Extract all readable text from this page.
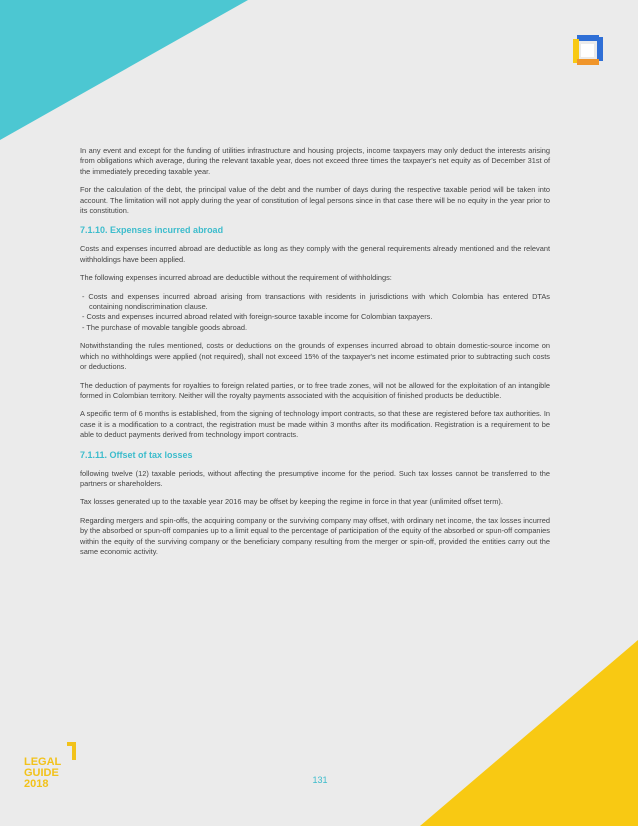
In any event and except for the funding of utilities infrastructure and housing projects, income taxpayers may only deduct the interests arising from obligations which average, during the relevant taxable year, does not exceed three times the taxpayer's net equity as of December 31st of the immediately preceding taxable year.

For the calculation of the debt, the principal value of the debt and the number of days during the respective taxable period will be taken into account. The limitation will not apply during the year of constitution of legal persons since in that case there will be no equity in the year prior to its constitution.

7.1.10. Expenses incurred abroad

Costs and expenses incurred abroad are deductible as long as they comply with the general requirements already mentioned and the relevant withholdings have been applied.

The following expenses incurred abroad are deductible without the requirement of withholdings:

- Costs and expenses incurred abroad arising from transactions with residents in jurisdictions with which Colombia has entered DTAs containing nondiscrimination clause.
- Costs and expenses incurred abroad related with foreign-source taxable income for Colombian taxpayers.
- The purchase of movable tangible goods abroad.

Notwithstanding the rules mentioned, costs or deductions on the grounds of expenses incurred abroad to obtain domestic-source income on which no withholdings were applied (not required), shall not exceed 15% of the taxpayer's net income estimated prior to subtracting such costs or deductions.

The deduction of payments for royalties to foreign related parties, or to free trade zones, will not be allowed for the exploitation of an intangible formed in Colombian territory. Neither will the royalty payments associated with the acquisition of finished products be deductible.

A specific term of 6 months is established, from the signing of technology import contracts, so that these are registered before tax authorities. In case it is a modification to a contract, the registration must be made within 3 months after its modification. Registration is a requirement to be able to deduct payments derived from technology import contracts.

7.1.11. Offset of tax losses

following twelve (12) taxable periods, without affecting the presumptive income for the period. Such tax losses cannot be transferred to the partners or shareholders.

Tax losses generated up to the taxable year 2016 may be offset by keeping the regime in force in that year (unlimited offset term).

Regarding mergers and spin-offs, the acquiring company or the surviving company may offset, with ordinary net income, the tax losses incurred by the absorbed or spun-off companies up to a limit equal to the percentage of participation of the equity of the absorbed or spun-off companies within the equity of the surviving company or the beneficiary company resulting from the merger or spin-off, provided the entities carry out the same economic activity.

131
LEGAL
GUIDE
2018
